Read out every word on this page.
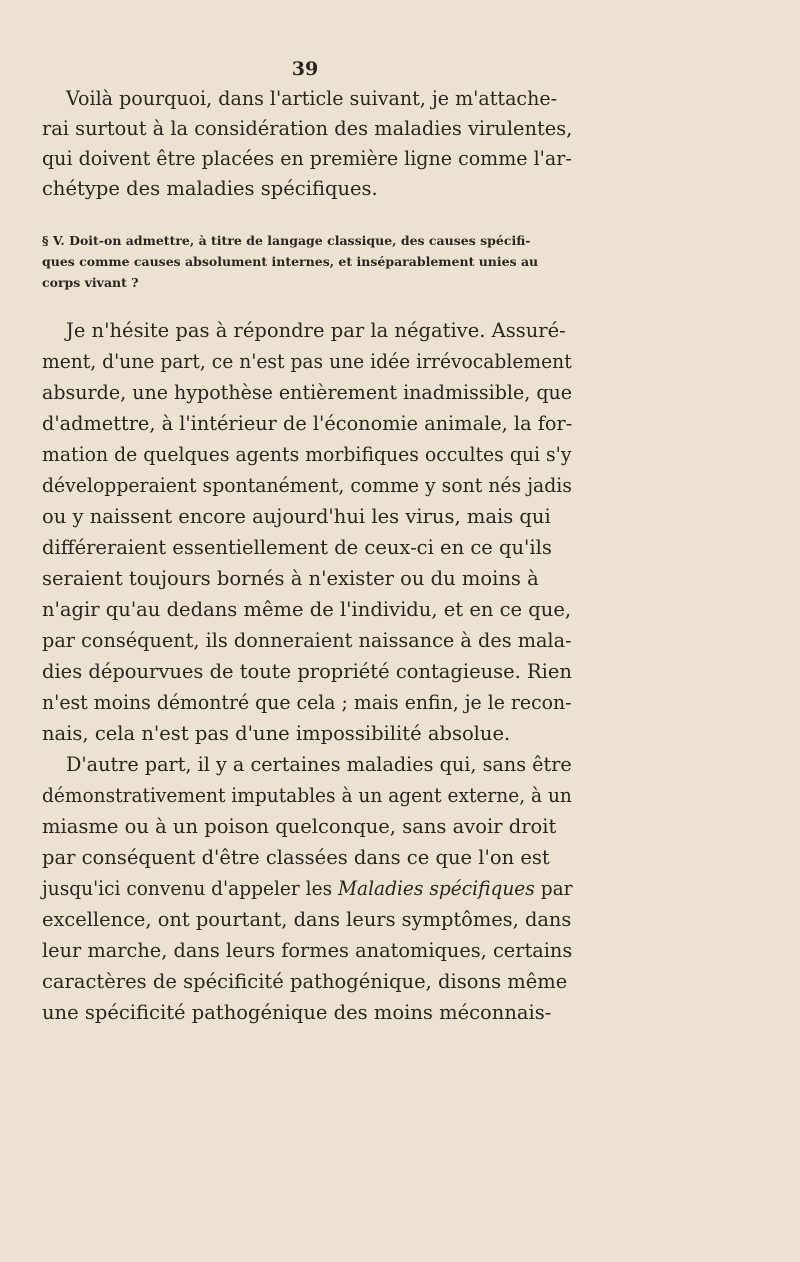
39
Voilà pourquoi, dans l'article suivant, je m'attache-
rai surtout à la considération des maladies virulentes,
qui doivent être placées en première ligne comme l'ar-
chétype des maladies spécifiques.
§ V. Doit-on admettre, à titre de langage classique, des causes spécifi-
ques comme causes absolument internes, et inséparablement unies au
corps vivant ?
Je n'hésite pas à répondre par la négative. Assuré-
ment, d'une part, ce n'est pas une idée irrévocablement
absurde, une hypothèse entièrement inadmissible, que
d'admettre, à l'intérieur de l'économie animale, la for-
mation de quelques agents morbifiques occultes qui s'y
développeraient spontanément, comme y sont nés jadis
ou y naissent encore aujourd'hui les virus, mais qui
différeraient essentiellement de ceux-ci en ce qu'ils
seraient toujours bornés à n'exister ou du moins à
n'agir qu'au dedans même de l'individu, et en ce que,
par conséquent, ils donneraient naissance à des mala-
dies dépourvues de toute propriété contagieuse. Rien
n'est moins démontré que cela ; mais enfin, je le recon-
nais, cela n'est pas d'une impossibilité absolue.
D'autre part, il y a certaines maladies qui, sans être
démonstrativement imputables à un agent externe, à un
miasme ou à un poison quelconque, sans avoir droit
par conséquent d'être classées dans ce que l'on est
jusqu'ici convenu d'appeler les Maladies spécifiques par
excellence, ont pourtant, dans leurs symptômes, dans
leur marche, dans leurs formes anatomiques, certains
caractères de spécificité pathogénique, disons même
une spécificité pathogénique des moins méconnais-
